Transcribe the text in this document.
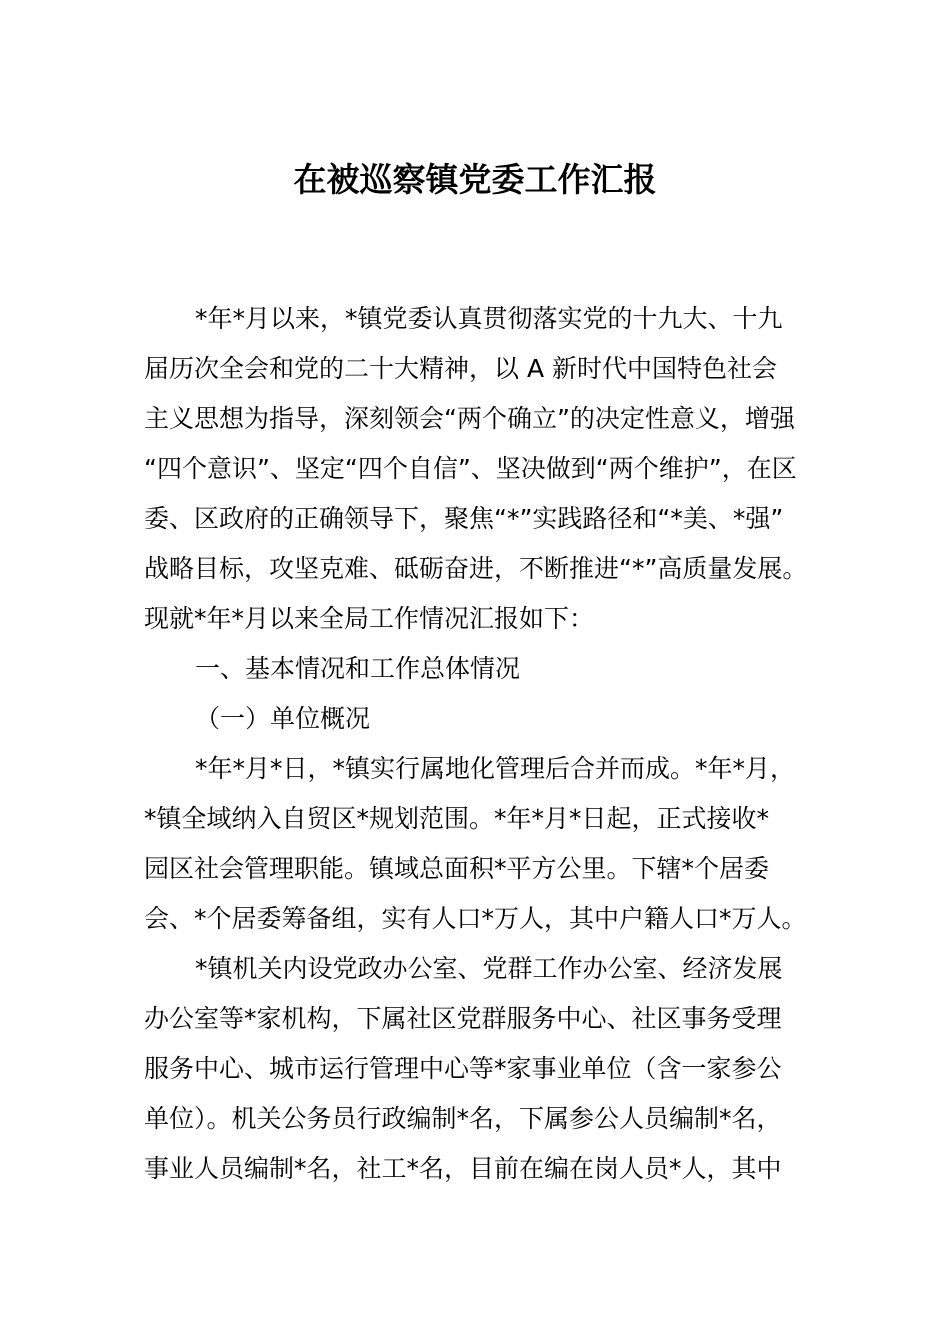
在被巡察镇党委工作汇报

*年*月以来，*镇党委认真贯彻落实党的十九大、十九

届历次全会和党的二十大精神，以 A 新时代中国特色社会

主义思想为指导，深刻领会“两个确立”的决定性意义，增强

“四个意识”、坚定“四个自信”、坚决做到“两个维护”，在区

委、区政府的正确领导下，聚焦“*”实践路径和“*美、*强”

战略目标，攻坚克难、砥砺奋进，不断推进“*”高质量发展。

现就*年*月以来全局工作情况汇报如下：

一、基本情况和工作总体情况

（一）单位概况

*年*月*日，*镇实行属地化管理后合并而成。*年*月，

*镇全域纳入自贸区*规划范围。*年*月*日起，正式接收*

园区社会管理职能。镇域总面积*平方公里。下辖*个居委

会、*个居委筹备组，实有人口*万人，其中户籍人口*万人。

*镇机关内设党政办公室、党群工作办公室、经济发展

办公室等*家机构，下属社区党群服务中心、社区事务受理

服务中心、城市运行管理中心等*家事业单位（含一家参公

单位）。机关公务员行政编制*名，下属参公人员编制*名，

事业人员编制*名，社工*名，目前在编在岗人员*人，其中
